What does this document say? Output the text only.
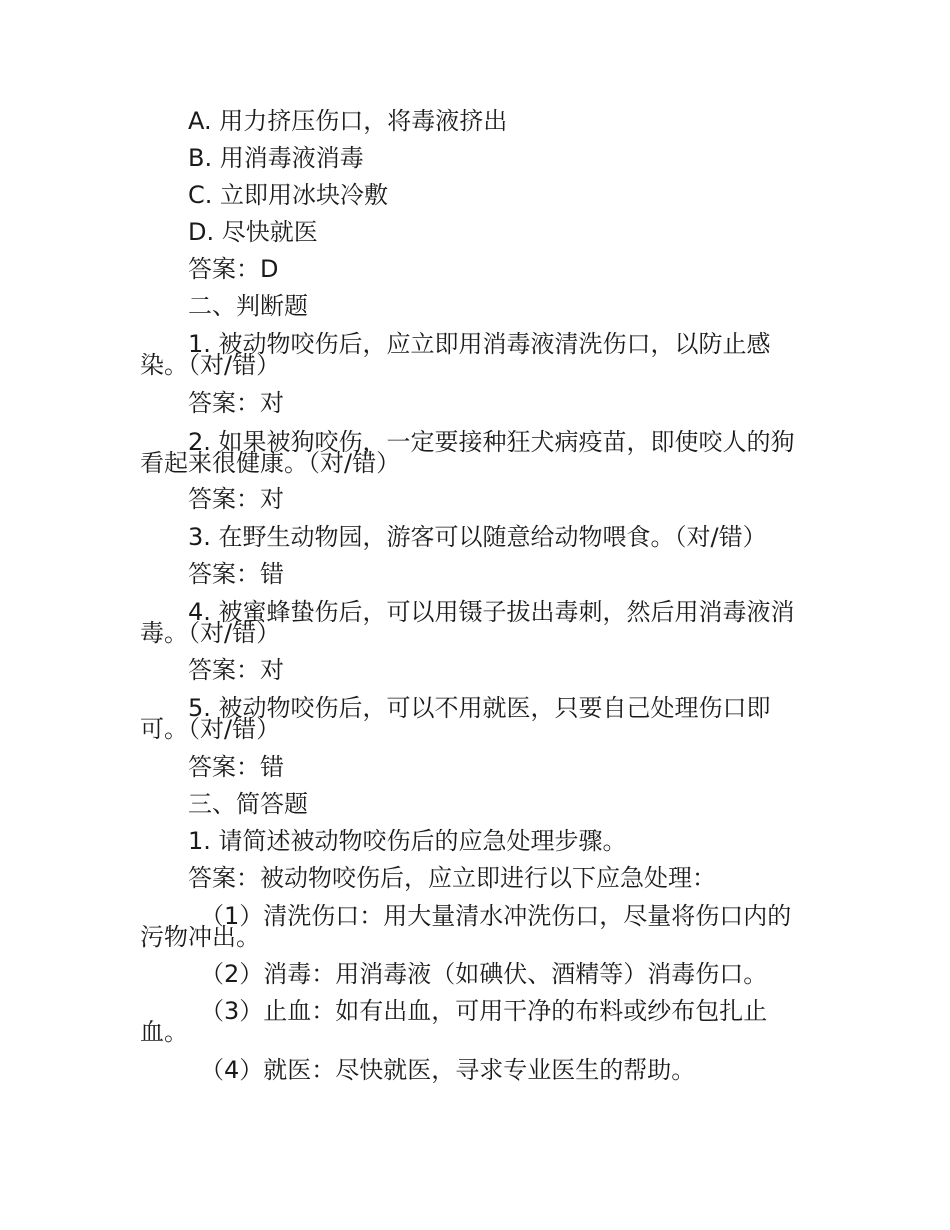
A. 用力挤压伤口，将毒液挤出
B. 用消毒液消毒
C. 立即用冰块冷敷
D. 尽快就医
答案：D
二、判断题
1. 被动物咬伤后，应立即用消毒液清洗伤口，以防止感
染。（对/错）
答案：对
2. 如果被狗咬伤，一定要接种狂犬病疫苗，即使咬人的狗
看起来很健康。（对/错）
答案：对
3. 在野生动物园，游客可以随意给动物喂食。（对/错）
答案：错
4. 被蜜蜂蛰伤后，可以用镊子拔出毒刺，然后用消毒液消
毒。（对/错）
答案：对
5. 被动物咬伤后，可以不用就医，只要自己处理伤口即
可。（对/错）
答案：错
三、简答题
1. 请简述被动物咬伤后的应急处理步骤。
答案：被动物咬伤后，应立即进行以下应急处理：
（1）清洗伤口：用大量清水冲洗伤口，尽量将伤口内的
污物冲出。
（2）消毒：用消毒液（如碘伏、酒精等）消毒伤口。
（3）止血：如有出血，可用干净的布料或纱布包扎止
血。
（4）就医：尽快就医，寻求专业医生的帮助。
